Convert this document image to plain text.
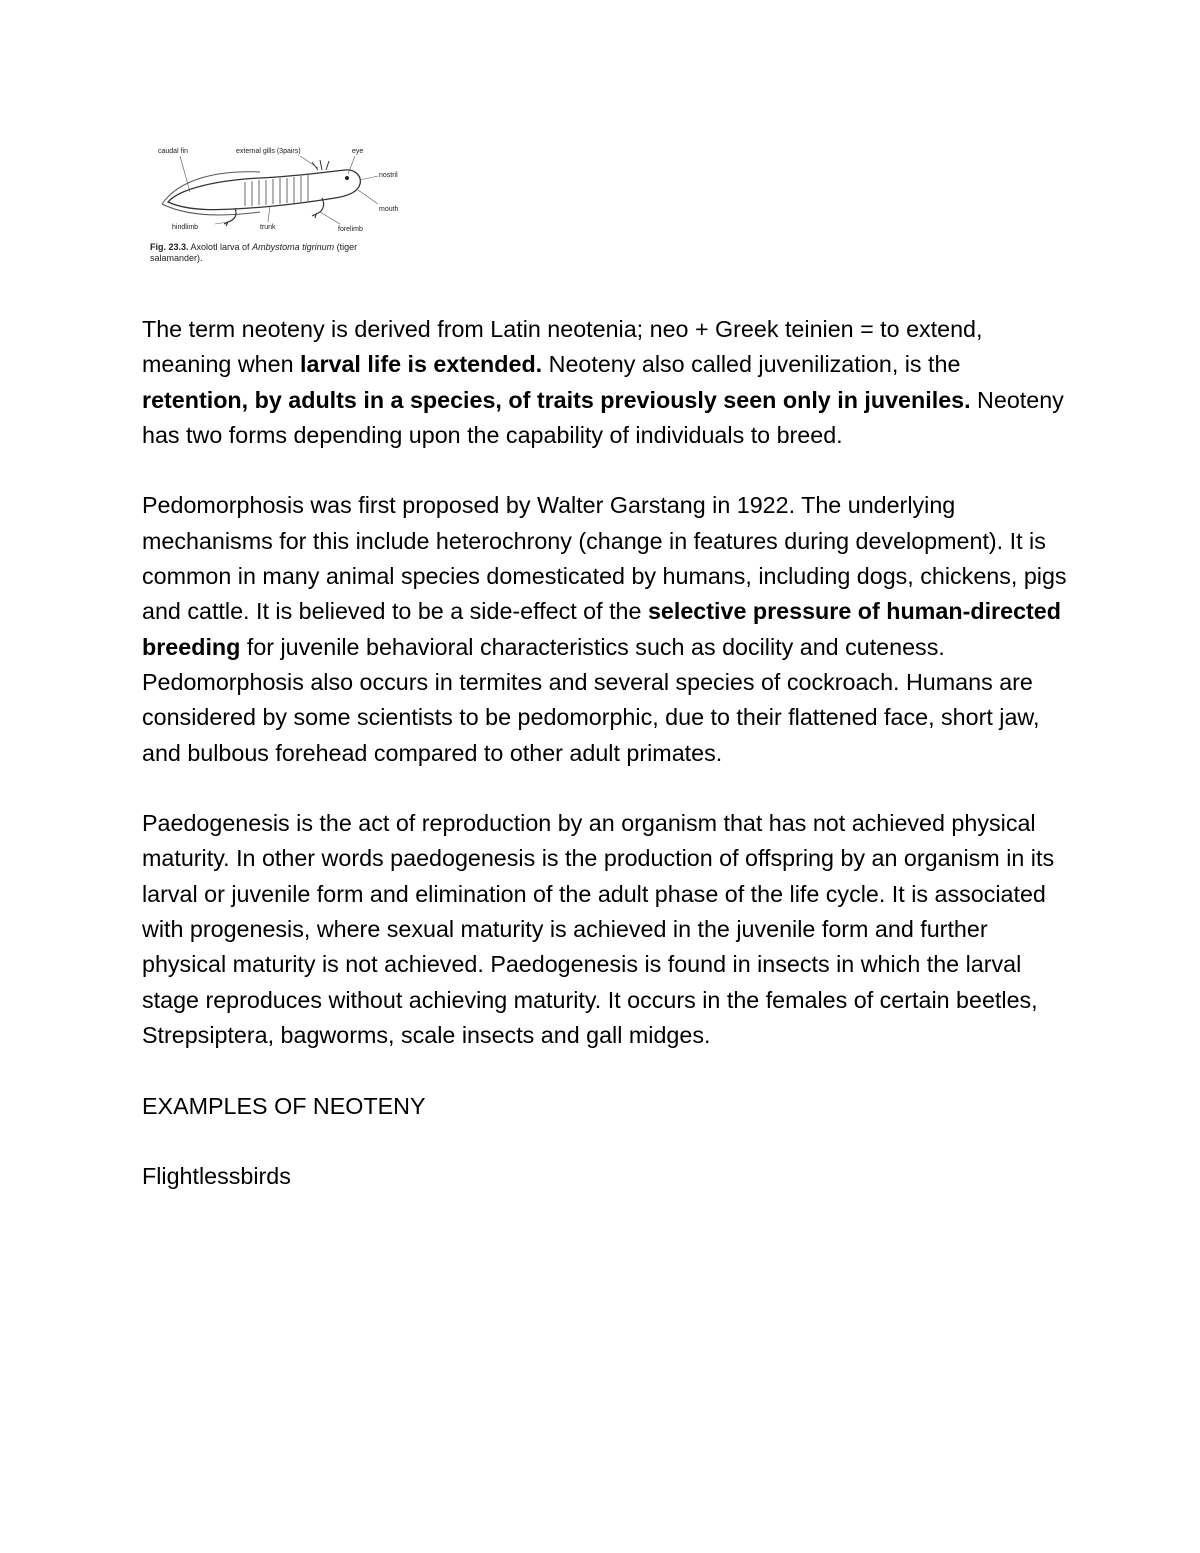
caudal fin	external gills (3pairs)	eye
nostril
mouth
hindlimb	trunk	forelimb
Fig. 23.3. Axolotl larva of Ambystoma tigrinum (tiger salamander).

The term neoteny is derived from Latin neotenia; neo + Greek teinien = to extend, meaning when larval life is extended. Neoteny also called juvenilization, is the retention, by adults in a species, of traits previously seen only in juveniles. Neoteny has two forms depending upon the capability of individuals to breed.

Pedomorphosis was first proposed by Walter Garstang in 1922. The underlying mechanisms for this include heterochrony (change in features during development). It is common in many animal species domesticated by humans, including dogs, chickens, pigs and cattle. It is believed to be a side-effect of the selective pressure of human-directed breeding for juvenile behavioral characteristics such as docility and cuteness. Pedomorphosis also occurs in termites and several species of cockroach. Humans are considered by some scientists to be pedomorphic, due to their flattened face, short jaw, and bulbous forehead compared to other adult primates.

Paedogenesis is the act of reproduction by an organism that has not achieved physical maturity. In other words paedogenesis is the production of offspring by an organism in its larval or juvenile form and elimination of the adult phase of the life cycle. It is associated with progenesis, where sexual maturity is achieved in the juvenile form and further physical maturity is not achieved. Paedogenesis is found in insects in which the larval stage reproduces without achieving maturity. It occurs in the females of certain beetles, Strepsiptera, bagworms, scale insects and gall midges.

EXAMPLES OF NEOTENY

Flightlessbirds
